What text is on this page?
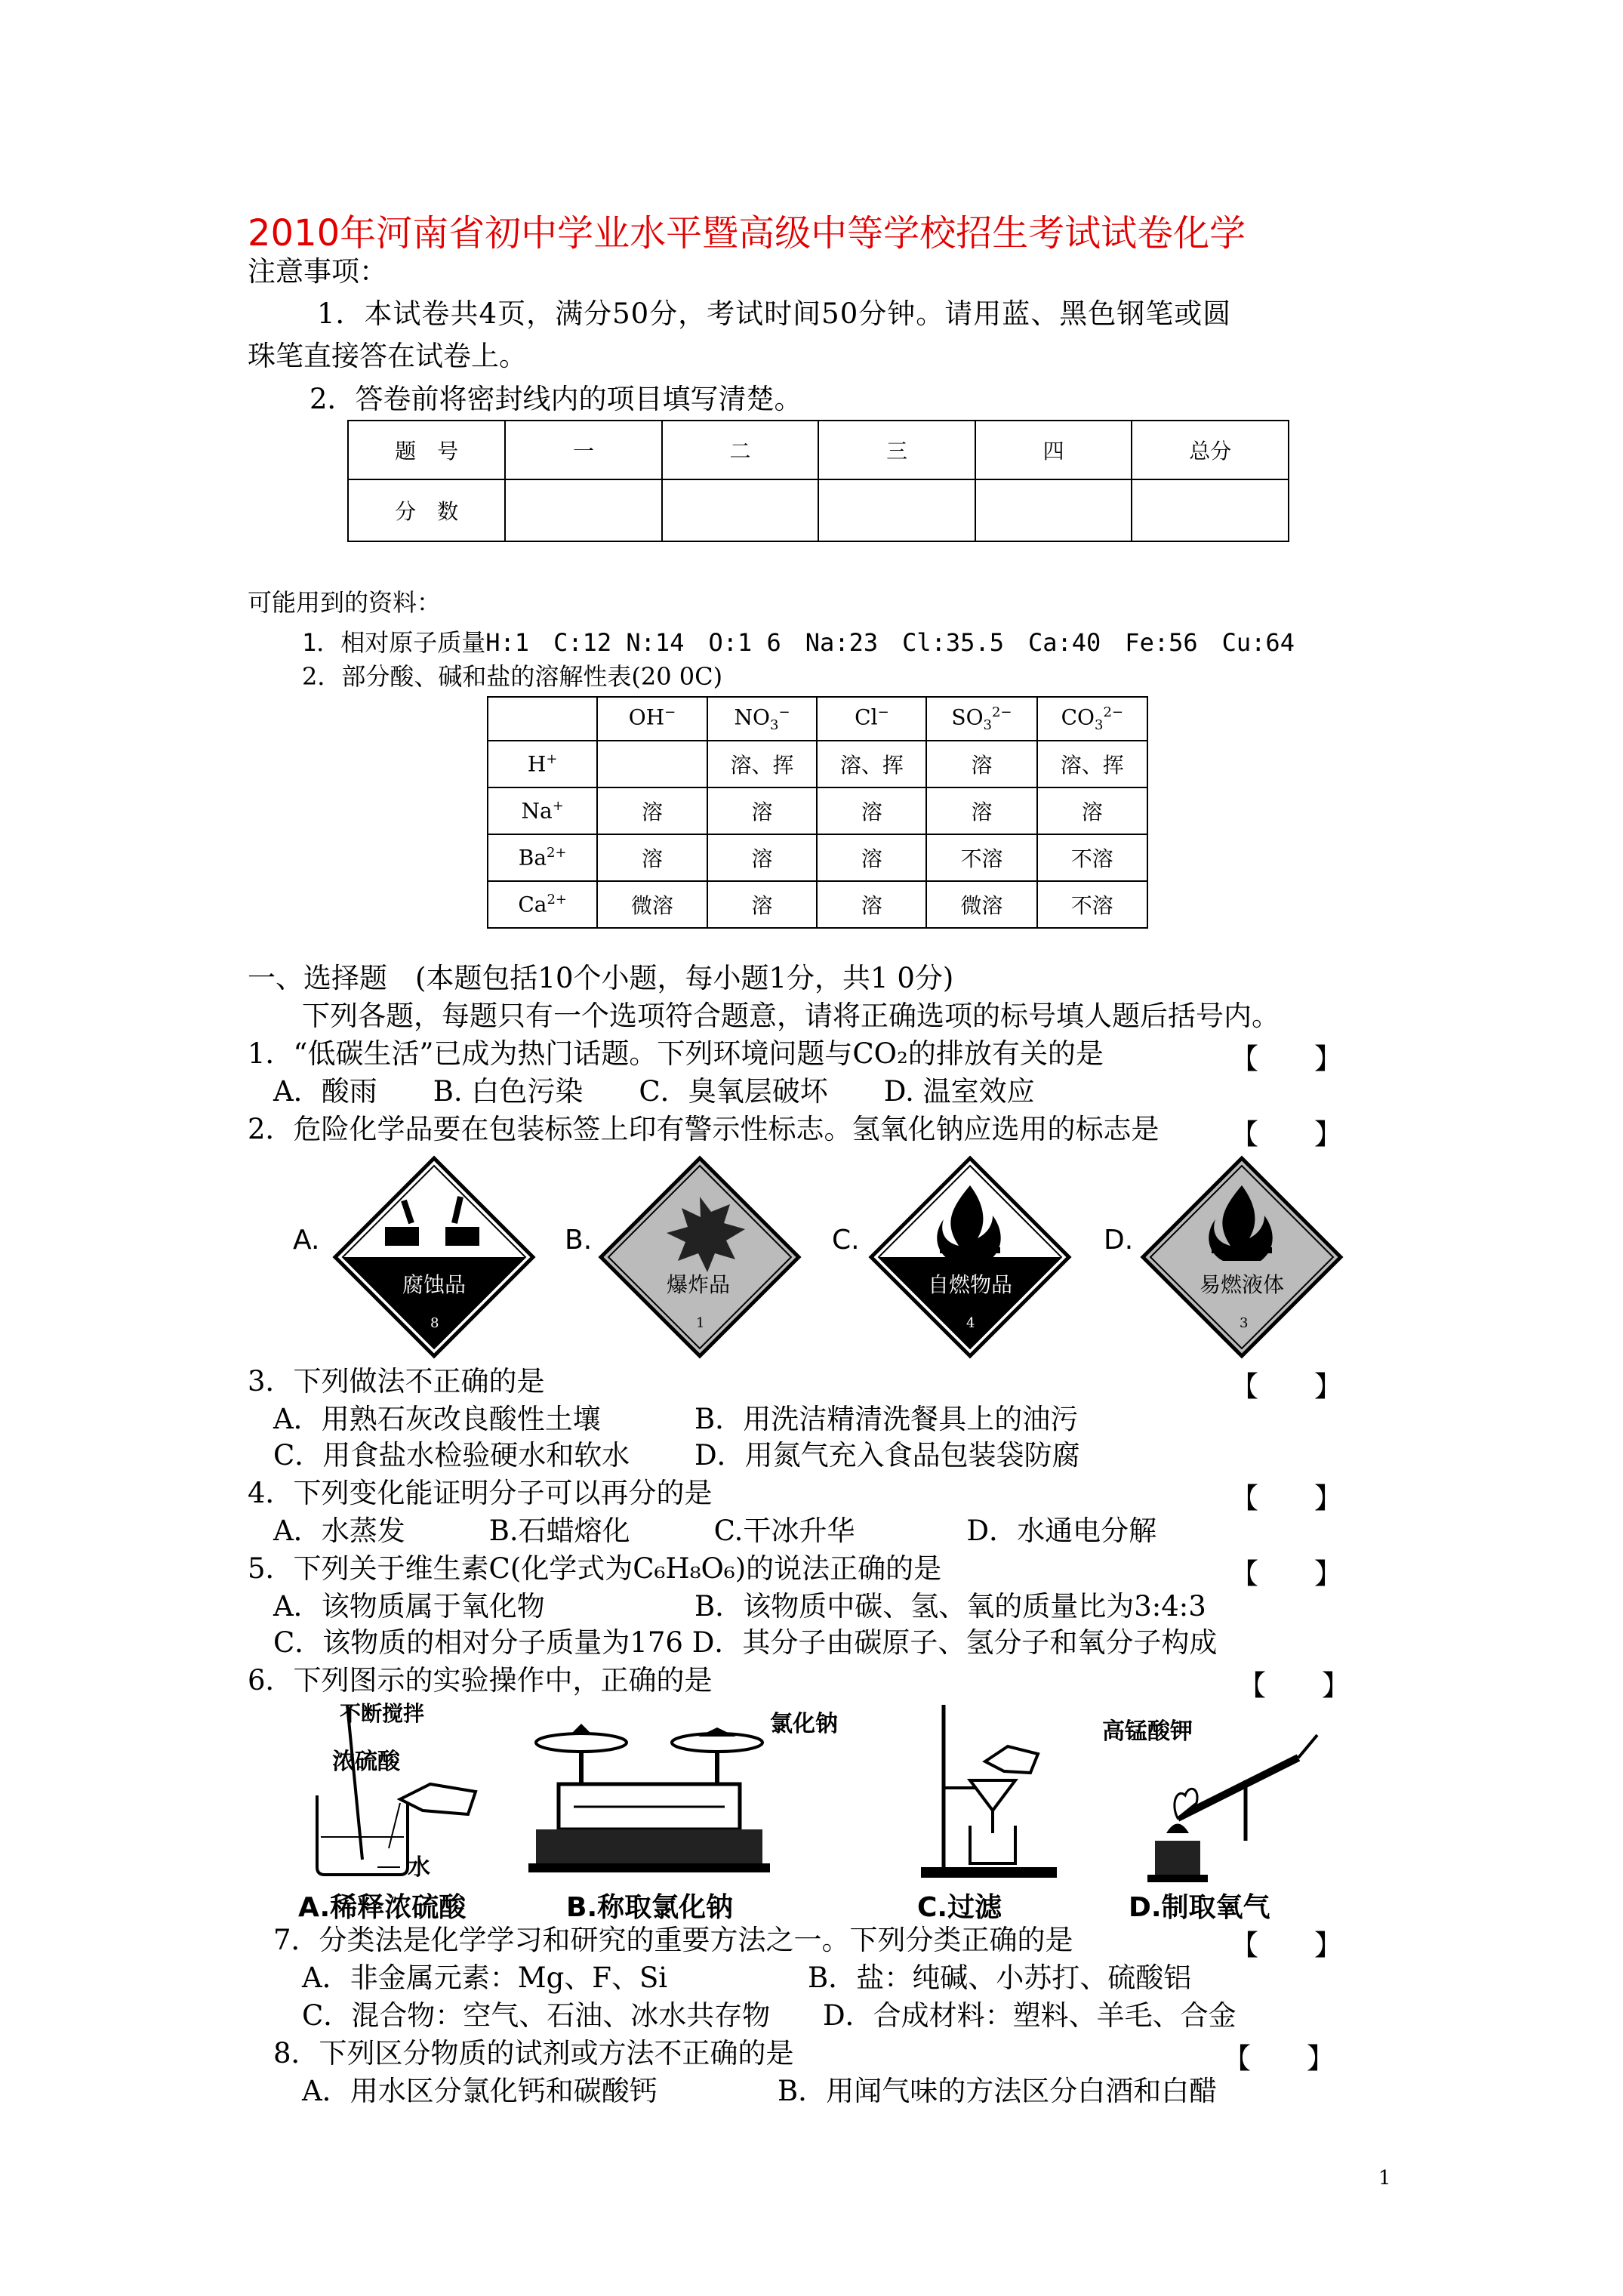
2010年河南省初中学业水平暨高级中等学校招生考试试卷化学
注意事项：
1．本试卷共4页，满分50分，考试时间50分钟。请用蓝、黑色钢笔或圆
珠笔直接答在试卷上。
2．答卷前将密封线内的项目填写清楚。
题　号	一	二	三	四	总分
分　数					
可能用到的资料：
1．相对原子质量H:1　C:12 N:14　O:1 6　Na:23　Cl:35.5　Ca:40　Fe:56　Cu:64
2．部分酸、碱和盐的溶解性表(20 0C)
	OH−	$NO_3^-$	Cl−	$SO_3^{2-}$	$CO_3^{2-}$
H+		溶、挥	溶、挥	溶	溶、挥
Na+	溶	溶	溶	溶	溶
$Ba^{2+}$	溶	溶	溶	不溶	不溶
$Ca^{2+}$	微溶	溶	溶	微溶	不溶
一、选择题　(本题包括10个小题，每小题1分，共1 0分)
下列各题，每题只有一个选项符合题意，请将正确选项的标号填人题后括号内。
1．“低碳生活”已成为热门话题。下列环境问题与CO₂的排放有关的是	【　　】
A．酸雨　　B. 白色污染　　C．臭氧层破坏　　D. 温室效应
2．危险化学品要在包装标签上印有警示性标志。氢氧化钠应选用的标志是	【　　】
A.
腐蚀品
8
B.
爆炸品
1
C.
自燃物品
4
D.
易燃液体
3
3．下列做法不正确的是	【　　】
A．用熟石灰改良酸性土壤	B．用洗洁精清洗餐具上的油污
C．用食盐水检验硬水和软水 D．用氮气充入食品包装袋防腐
4．下列变化能证明分子可以再分的是	【　　】
A．水蒸发　　　B.石蜡熔化　　　C.干冰升华　　　　D．水通电分解
5．下列关于维生素C(化学式为C₆H₈O₆)的说法正确的是	【　　】
A．该物质属于氧化物	B．该物质中碳、氢、氧的质量比为3:4:3
C．该物质的相对分子质量为176 D．其分子由碳原子、氢分子和氧分子构成
6．下列图示的实验操作中，正确的是	【　　】
不断搅拌
浓硫酸
水
A.稀释浓硫酸
氯化钠
B.称取氯化钠	C.过滤
高锰酸钾
D.制取氧气
7．分类法是化学学习和研究的重要方法之一。下列分类正确的是	【　　】
A．非金属元素：Mg、F、Si	B．盐：纯碱、小苏打、硫酸铝
C．混合物：空气、石油、冰水共存物 D．合成材料：塑料、羊毛、合金
8．下列区分物质的试剂或方法不正确的是	【　　】
A．用水区分氯化钙和碳酸钙	B．用闻气味的方法区分白酒和白醋
1
